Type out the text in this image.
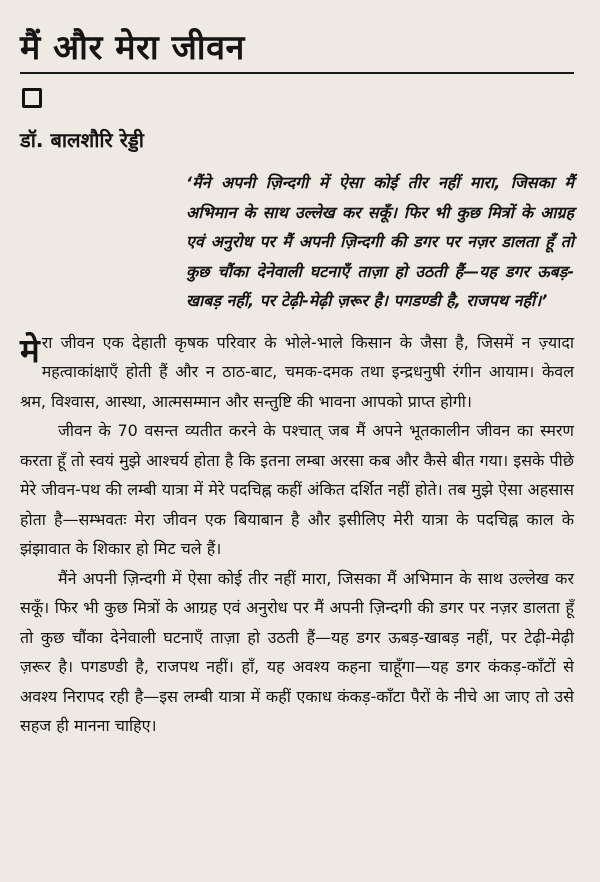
मैं और मेरा जीवन
डॉ. बालशौरि रेड्डी

‘मैंने अपनी ज़िन्दगी में ऐसा कोई तीर नहीं मारा, जिसका मैं अभिमान के साथ उल्लेख कर सकूँ। फिर भी कुछ मित्रों के आग्रह एवं अनुरोध पर मैं अपनी ज़िन्दगी की डगर पर नज़र डालता हूँ तो कुछ चौंका देनेवाली घटनाएँ ताज़ा हो उठती हैं—यह डगर ऊबड़-खाबड़ नहीं, पर टेढ़ी-मेढ़ी ज़रूर है। पगडण्डी है, राजपथ नहीं।’

मेरा जीवन एक देहाती कृषक परिवार के भोले-भाले किसान के जैसा है, जिसमें न ज़्यादा महत्वाकांक्षाएँ होती हैं और न ठाठ-बाट, चमक-दमक तथा इन्द्रधनुषी रंगीन आयाम। केवल श्रम, विश्वास, आस्था, आत्मसम्मान और सन्तुष्टि की भावना आपको प्राप्त होगी।

जीवन के 70 वसन्त व्यतीत करने के पश्चात् जब मैं अपने भूतकालीन जीवन का स्मरण करता हूँ तो स्वयं मुझे आश्चर्य होता है कि इतना लम्बा अरसा कब और कैसे बीत गया। इसके पीछे मेरे जीवन-पथ की लम्बी यात्रा में मेरे पदचिह्न कहीं अंकित दर्शित नहीं होते। तब मुझे ऐसा अहसास होता है—सम्भवतः मेरा जीवन एक बियाबान है और इसीलिए मेरी यात्रा के पदचिह्न काल के झंझावात के शिकार हो मिट चले हैं।

मैंने अपनी ज़िन्दगी में ऐसा कोई तीर नहीं मारा, जिसका मैं अभिमान के साथ उल्लेख कर सकूँ। फिर भी कुछ मित्रों के आग्रह एवं अनुरोध पर मैं अपनी ज़िन्दगी की डगर पर नज़र डालता हूँ तो कुछ चौंका देनेवाली घटनाएँ ताज़ा हो उठती हैं—यह डगर ऊबड़-खाबड़ नहीं, पर टेढ़ी-मेढ़ी ज़रूर है। पगडण्डी है, राजपथ नहीं। हाँ, यह अवश्य कहना चाहूँगा—यह डगर कंकड़-काँटों से अवश्य निरापद रही है—इस लम्बी यात्रा में कहीं एकाध कंकड़-काँटा पैरों के नीचे आ जाए तो उसे सहज ही मानना चाहिए।
